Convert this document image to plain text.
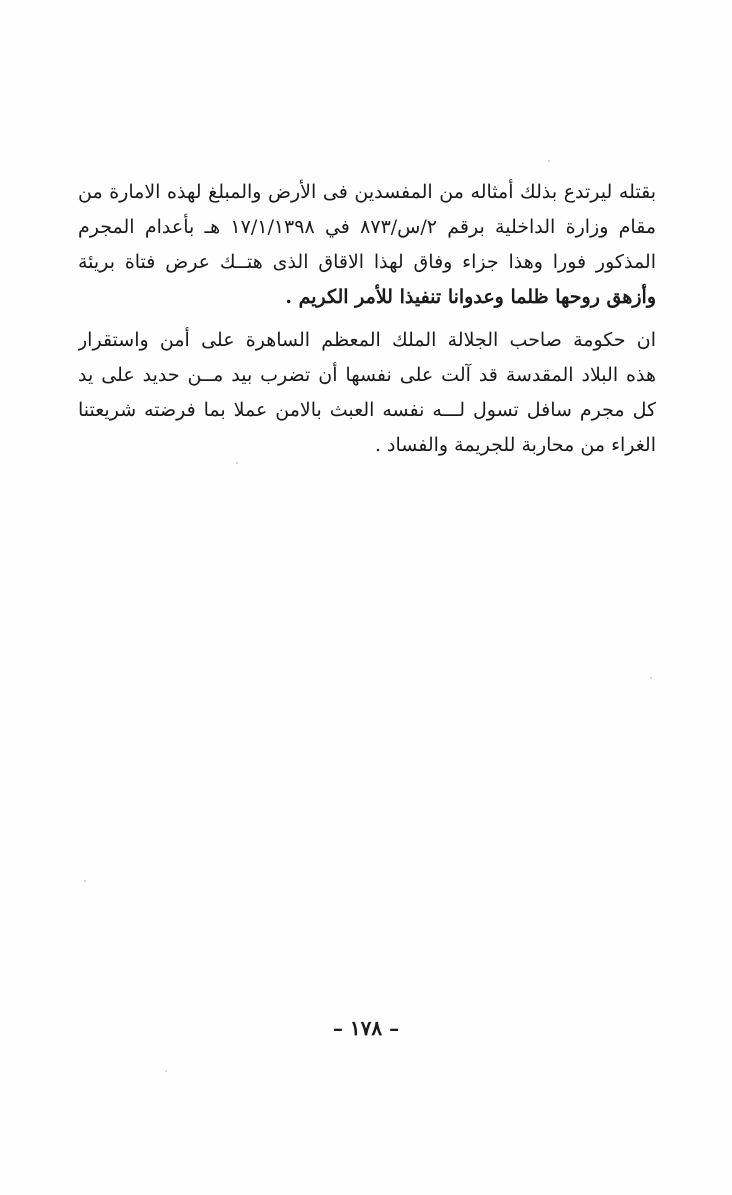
بقتله ليرتدع بذلك أمثاله من المفسدين فى الأرض والمبلغ لهذه الامارة من
مقام وزارة الداخلية برقم ٢/س/٨٧٣ في ١٧/١/١٣٩٨ هـ بأعدام المجرم
المذكور فورا وهذا جزاء وفاق لهذا الاقاق الذى هتــك عرض فتاة بريئة
وأزهق روحها ظلما وعدوانا تنفيذا للأمر الكريم .
ان حكومة صاحب الجلالة الملك المعظم الساهرة على أمن واستقرار
هذه البلاد المقدسة قد آلت على نفسها أن تضرب بيد مــن حديد على يد
كل مجرم سافل تسول لـــه نفسه العبث بالامن عملا بما فرضته شريعتنا
الغراء من محاربة للجريمة والفساد .
– ١٧٨ –
